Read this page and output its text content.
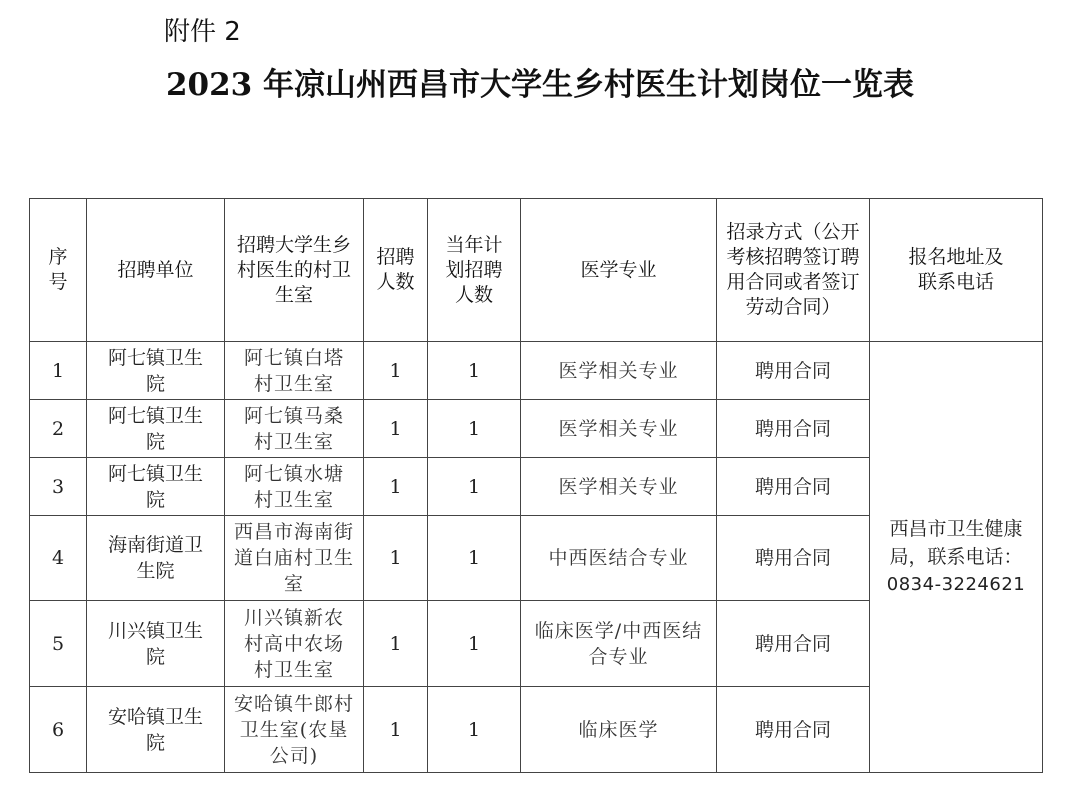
附件 2
2023 年凉山州西昌市大学生乡村医生计划岗位一览表
序号	招聘单位	招聘大学生乡村医生的村卫生室	招聘人数	当年计划招聘人数	医学专业	招录方式（公开考核招聘签订聘用合同或者签订劳动合同）	报名地址及联系电话

1	阿七镇卫生院	阿七镇白塔村卫生室	1	1	医学相关专业	聘用合同	西昌市卫生健康局，联系电话：
0834-3224621

2	阿七镇卫生院	阿七镇马桑村卫生室	1	1	医学相关专业	聘用合同	
3	阿七镇卫生院	阿七镇水塘村卫生室	1	1	医学相关专业	聘用合同	
4	海南街道卫生院	西昌市海南街道白庙村卫生室	1	1	中西医结合专业	聘用合同	
5	川兴镇卫生院	川兴镇新农村高中农场村卫生室	1	1	临床医学/中西医结合专业	聘用合同	
6	安哈镇卫生院	安哈镇牛郎村卫生室(农垦公司)	1	1	临床医学	聘用合同	
